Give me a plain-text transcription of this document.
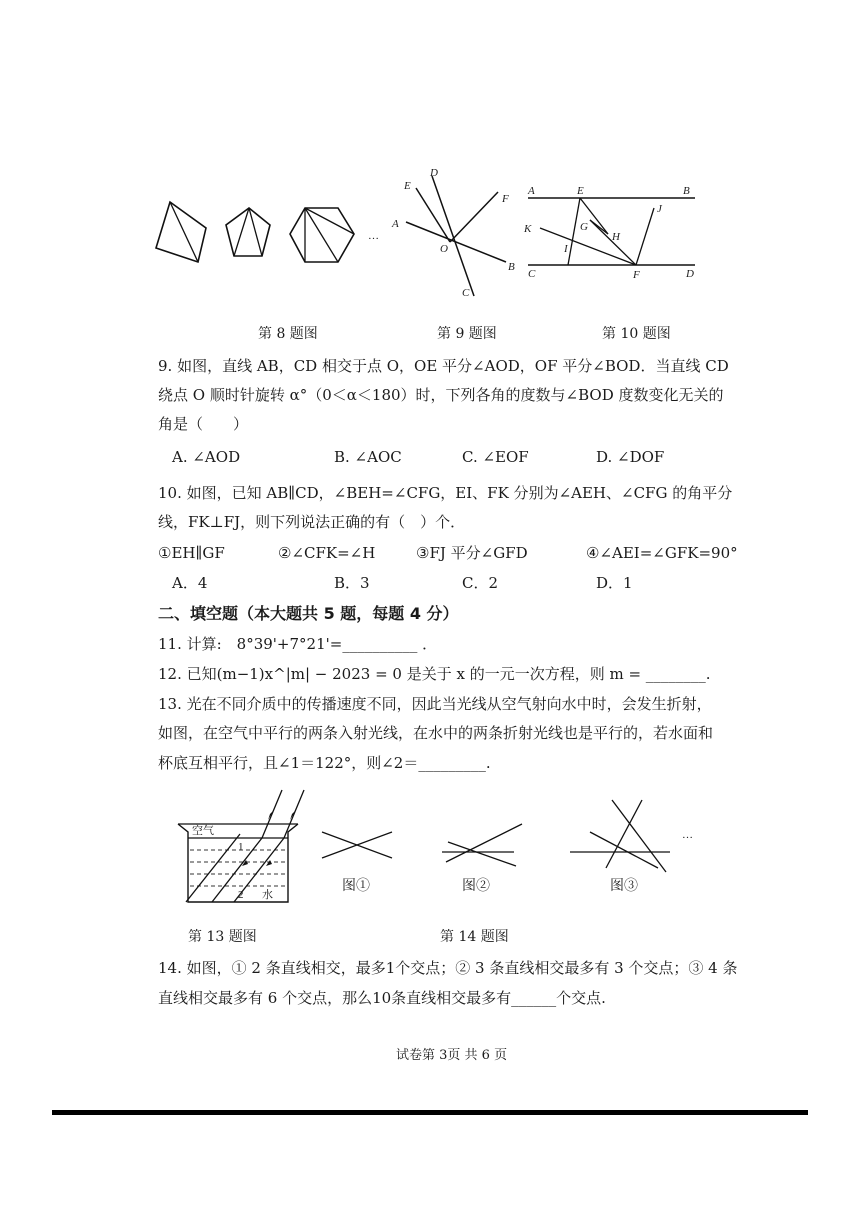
…
D
E
F
A
O
B
C
A	E	B
J
K	G
H
I
C	F	D
第 8 题图	第 9 题图	第 10 题图
9. 如图，直线 AB，CD 相交于点 O，OE 平分∠AOD，OF 平分∠BOD．当直线 CD
绕点 O 顺时针旋转 α°（0＜α＜180）时，下列各角的度数与∠BOD 度数变化无关的
角是（　　）
A. ∠AOD	B. ∠AOC	C. ∠EOF	D. ∠DOF
10. 如图，已知 AB∥CD，∠BEH=∠CFG，EI、FK 分别为∠AEH、∠CFG 的角平分
线，FK⊥FJ，则下列说法正确的有（　）个．
①EH∥GF	②∠CFK=∠H	③FJ 平分∠GFD	④∠AEI=∠GFK=90°
A．4	B．3	C．2	D．1
二、填空题（本大题共 5 题，每题 4 分）
11. 计算:　8°39'+7°21'=__________ ．
12. 已知(m−1)x^|m| − 2023 = 0 是关于 x 的一元一次方程，则 m = ________.
13. 光在不同介质中的传播速度不同，因此当光线从空气射向水中时，会发生折射，
如图，在空气中平行的两条入射光线，在水中的两条折射光线也是平行的，若水面和
杯底互相平行，且∠1＝122°，则∠2＝_________.
空气
1
2 水
…
图①	图②	图③
第 13 题图	第 14 题图
14. 如图，① 2 条直线相交，最多1个交点；② 3 条直线相交最多有 3 个交点；③ 4 条
直线相交最多有 6 个交点，那么10条直线相交最多有______个交点.
试卷第 3页 共 6 页
